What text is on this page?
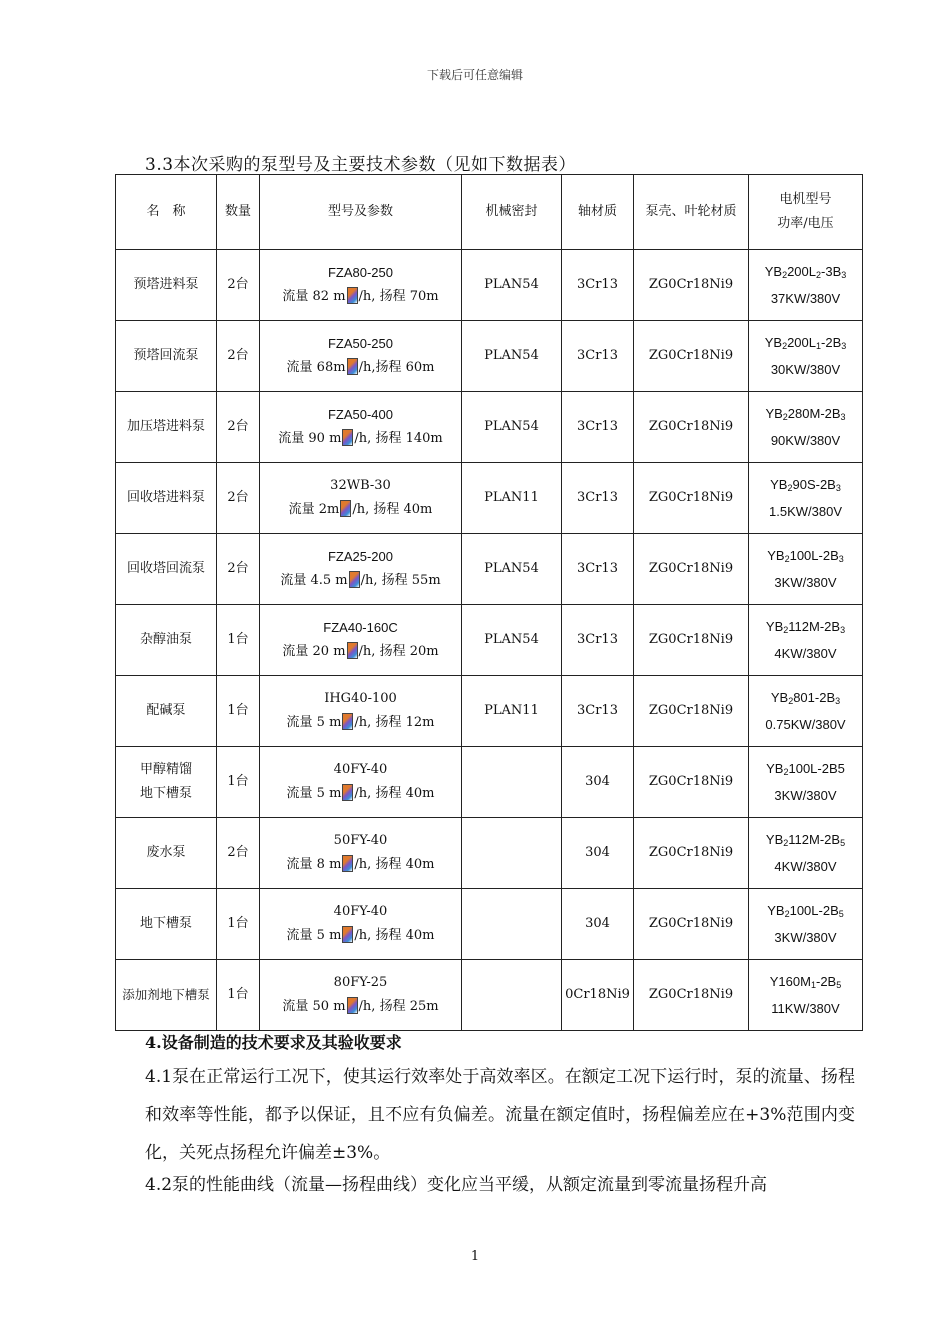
下载后可任意编辑
3.3本次采购的泵型号及主要技术参数（见如下数据表）
名　称	数量	型号及参数	机械密封	轴材质	泵壳、叶轮材质	电机型号
功率/电压

预塔进料泵	2台	FZA80-250
流量 82 m /h, 扬程 70m	PLAN54	3Cr13	ZG0Cr18Ni9	$YB_2200L_2-3B_3$
37KW/380V

预塔回流泵	2台	FZA50-250
流量 68m /h,扬程 60m	PLAN54	3Cr13	ZG0Cr18Ni9	$YB_2200L_1-2B_3$
30KW/380V

加压塔进料泵	2台	FZA50-400
流量 90 m /h, 扬程 140m	PLAN54	3Cr13	ZG0Cr18Ni9	$YB_2280M-2B_3$
90KW/380V

回收塔进料泵	2台	32WB-30
流量 2m /h, 扬程 40m	PLAN11	3Cr13	ZG0Cr18Ni9	$YB_290S-2B_3$
1.5KW/380V

回收塔回流泵	2台	FZA25-200
流量 4.5 m /h, 扬程 55m	PLAN54	3Cr13	ZG0Cr18Ni9	$YB_2100L-2B_3$
3KW/380V

杂醇油泵	1台	FZA40-160C
流量 20 m /h, 扬程 20m	PLAN54	3Cr13	ZG0Cr18Ni9	$YB_2112M-2B_3$
4KW/380V

配碱泵	1台	IHG40-100
流量 5 m /h, 扬程 12m	PLAN11	3Cr13	ZG0Cr18Ni9	$YB_2801-2B_3$
0.75KW/380V

甲醇精馏
地下槽泵	1台	40FY-40
流量 5 m /h, 扬程 40m		304	ZG0Cr18Ni9	$YB_2100L-2B5$
3KW/380V

废水泵	2台	50FY-40
流量 8 m /h, 扬程 40m		304	ZG0Cr18Ni9	$YB_2112M-2B_5$
4KW/380V

地下槽泵	1台	40FY-40
流量 5 m /h, 扬程 40m		304	ZG0Cr18Ni9	$YB_2100L-2B_5$
3KW/380V

添加剂地下槽泵	1台	80FY-25
流量 50 m /h, 扬程 25m		0Cr18Ni9	ZG0Cr18Ni9	$Y160M_1-2B_5$
11KW/380V
4.设备制造的技术要求及其验收要求
4.1泵在正常运行工况下，使其运行效率处于高效率区。在额定工况下运行时，泵的流量、扬程和效率等性能，都予以保证，且不应有负偏差。流量在额定值时，扬程偏差应在+3%范围内变化，关死点扬程允许偏差±3%。
4.2泵的性能曲线（流量—扬程曲线）变化应当平缓，从额定流量到零流量扬程升高
1
